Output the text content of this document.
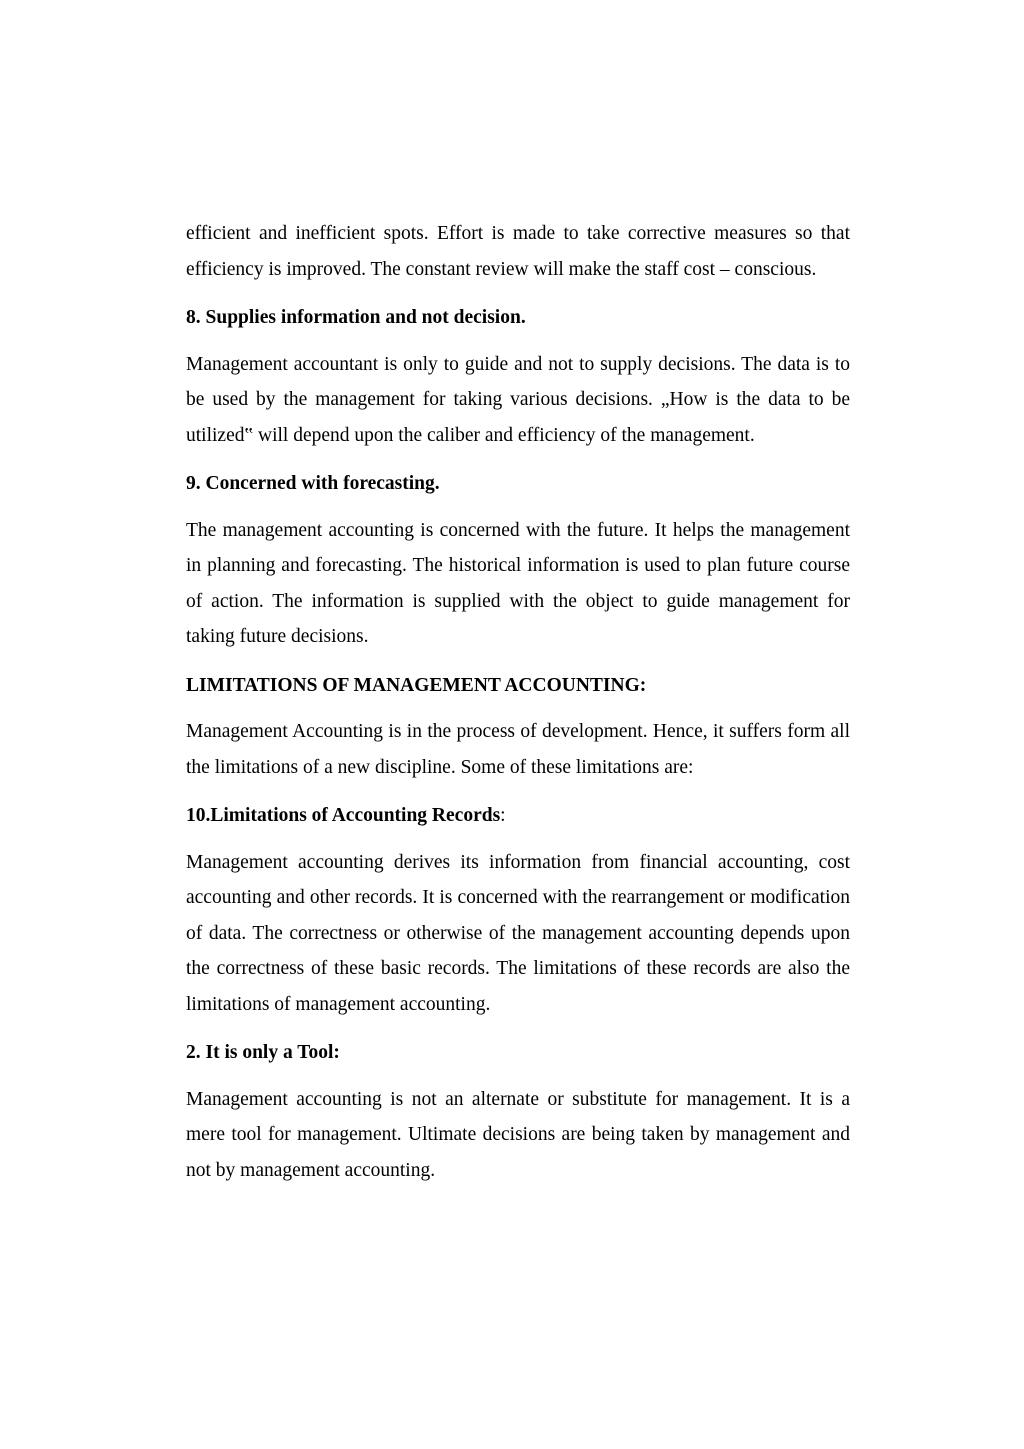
efficient and inefficient spots. Effort is made to take corrective measures so that efficiency is improved. The constant review will make the staff cost – conscious.

8. Supplies information and not decision.

Management accountant is only to guide and not to supply decisions. The data is to be used by the management for taking various decisions. „How is the data to be utilized‟ will depend upon the caliber and efficiency of the management.

9. Concerned with forecasting.

The management accounting is concerned with the future. It helps the management in planning and forecasting. The historical information is used to plan future course of action. The information is supplied with the object to guide management for taking future decisions.

LIMITATIONS OF MANAGEMENT ACCOUNTING:

Management Accounting is in the process of development. Hence, it suffers form all the limitations of a new discipline. Some of these limitations are:

10.Limitations of Accounting Records:

Management accounting derives its information from financial accounting, cost accounting and other records. It is concerned with the rearrangement or modification of data. The correctness or otherwise of the management accounting depends upon the correctness of these basic records. The limitations of these records are also the limitations of management accounting.

2. It is only a Tool:

Management accounting is not an alternate or substitute for management. It is a mere tool for management. Ultimate decisions are being taken by management and not by management accounting.
